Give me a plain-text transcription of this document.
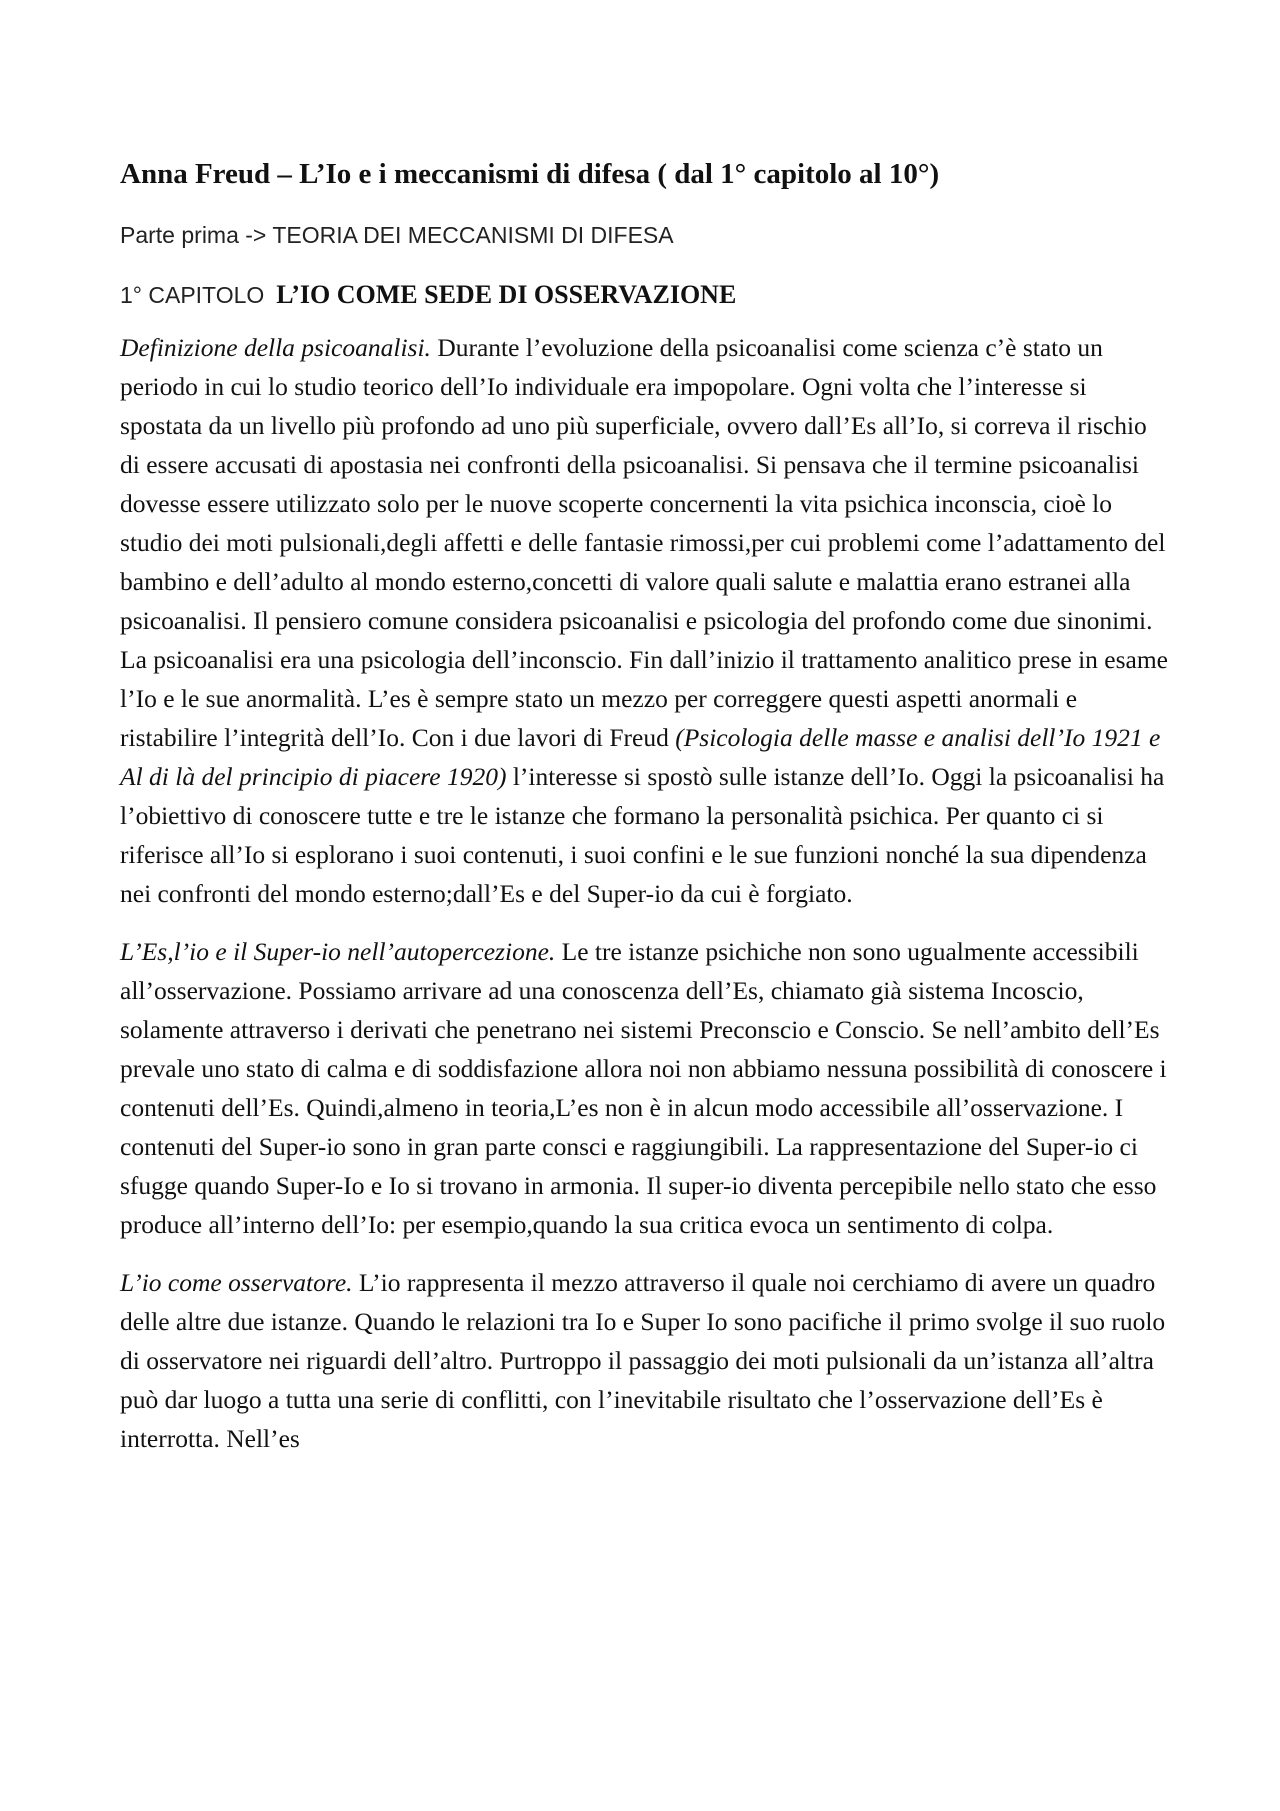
Anna Freud – L’Io e i meccanismi di difesa ( dal 1° capitolo al 10°)
Parte prima -> TEORIA DEI MECCANISMI DI DIFESA
1° CAPITOLO L’IO COME SEDE DI OSSERVAZIONE

Definizione della psicoanalisi. Durante l’evoluzione della psicoanalisi come scienza c’è stato un periodo in cui lo studio teorico dell’Io individuale era impopolare. Ogni volta che l’interesse si spostata da un livello più profondo ad uno più superficiale, ovvero dall’Es all’Io, si correva il rischio di essere accusati di apostasia nei confronti della psicoanalisi. Si pensava che il termine psicoanalisi dovesse essere utilizzato solo per le nuove scoperte concernenti la vita psichica inconscia, cioè lo studio dei moti pulsionali,degli affetti e delle fantasie rimossi,per cui problemi come l’adattamento del bambino e dell’adulto al mondo esterno,concetti di valore quali salute e malattia erano estranei alla psicoanalisi. Il pensiero comune considera psicoanalisi e psicologia del profondo come due sinonimi. La psicoanalisi era una psicologia dell’inconscio. Fin dall’inizio il trattamento analitico prese in esame l’Io e le sue anormalità. L’es è sempre stato un mezzo per correggere questi aspetti anormali e ristabilire l’integrità dell’Io. Con i due lavori di Freud (Psicologia delle masse e analisi dell’Io 1921 e Al di là del principio di piacere 1920) l’interesse si spostò sulle istanze dell’Io. Oggi la psicoanalisi ha l’obiettivo di conoscere tutte e tre le istanze che formano la personalità psichica. Per quanto ci si riferisce all’Io si esplorano i suoi contenuti, i suoi confini e le sue funzioni nonché la sua dipendenza nei confronti del mondo esterno;dall’Es e del Super-io da cui è forgiato.

L’Es,l’io e il Super-io nell’autopercezione. Le tre istanze psichiche non sono ugualmente accessibili all’osservazione. Possiamo arrivare ad una conoscenza dell’Es, chiamato già sistema Incoscio, solamente attraverso i derivati che penetrano nei sistemi Preconscio e Conscio. Se nell’ambito dell’Es prevale uno stato di calma e di soddisfazione allora noi non abbiamo nessuna possibilità di conoscere i contenuti dell’Es. Quindi,almeno in teoria,L’es non è in alcun modo accessibile all’osservazione. I contenuti del Super-io sono in gran parte consci e raggiungibili. La rappresentazione del Super-io ci sfugge quando Super-Io e Io si trovano in armonia. Il super-io diventa percepibile nello stato che esso produce all’interno dell’Io: per esempio,quando la sua critica evoca un sentimento di colpa.

L’io come osservatore. L’io rappresenta il mezzo attraverso il quale noi cerchiamo di avere un quadro delle altre due istanze. Quando le relazioni tra Io e Super Io sono pacifiche il primo svolge il suo ruolo di osservatore nei riguardi dell’altro. Purtroppo il passaggio dei moti pulsionali da un’istanza all’altra può dar luogo a tutta una serie di conflitti, con l’inevitabile risultato che l’osservazione dell’Es è interrotta. Nell’es
